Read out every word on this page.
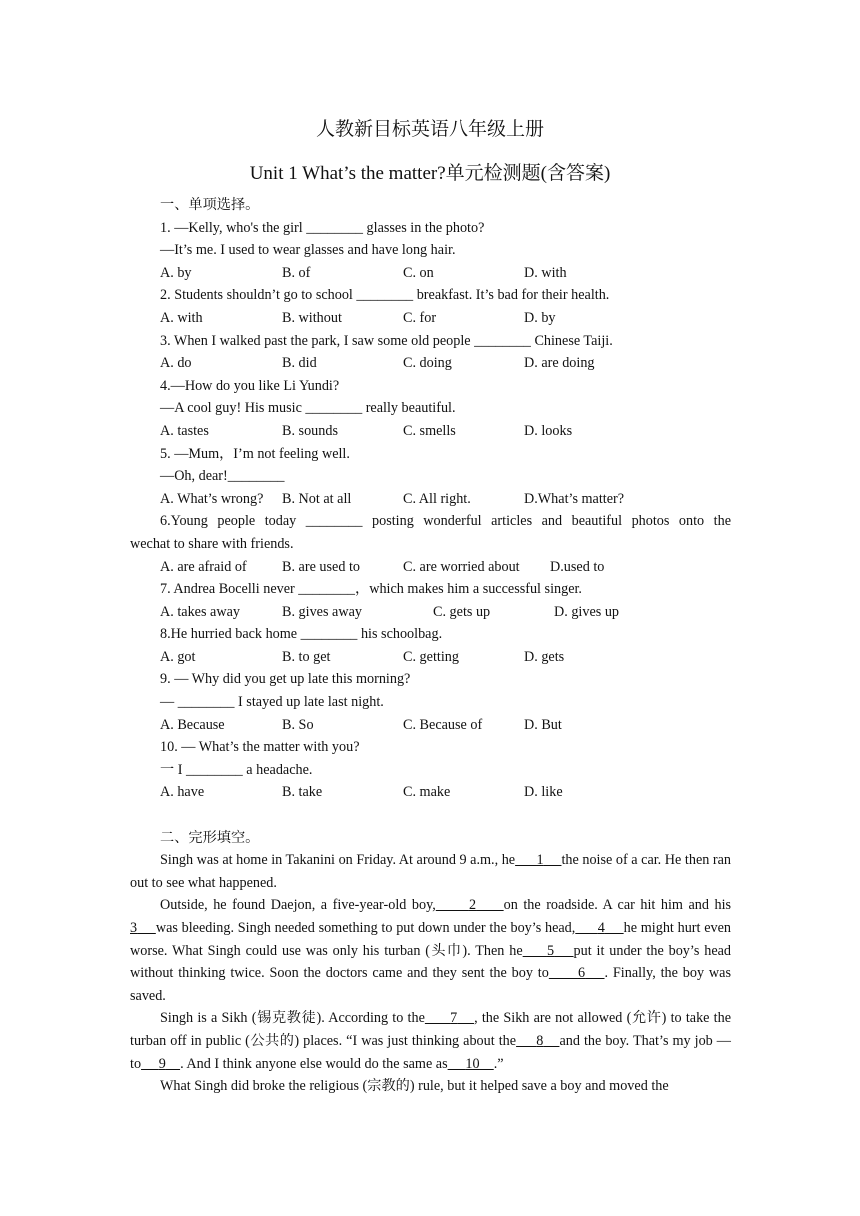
人教新目标英语八年级上册
Unit 1 What’s the matter?单元检测题(含答案)
一、单项选择。
1. —Kelly, who's the girl ________ glasses in the photo?
—It’s me. I used to wear glasses and have long hair.
A. by	B. of	C. on	D. with
2. Students shouldn’t go to school ________ breakfast. It’s bad for their health.
A. with	B. without	C. for	D. by
3. When I walked past the park, I saw some old people ________ Chinese Taiji.
A. do	B. did	C. doing	D. are doing
4.—How do you like Li Yundi?
—A cool guy! His music ________ really beautiful.
A. tastes	B. sounds	C. smells	D. looks
5. —Mum，I’m not feeling well.
—Oh, dear!________
A. What’s wrong? B. Not at all	C. All right.	D.What’s matter?
6.Young people today ________ posting wonderful articles and beautiful photos onto the
wechat to share with friends.
A. are afraid of B. are used to	C. are worried about D.used to
7. Andrea Bocelli never ________，which makes him a successful singer.
A. takes away	B. gives away	C. gets up	D. gives up
8.He hurried back home ________ his schoolbag.
A. got	B. to get	C. getting	D. gets
9. — Why did you get up late this morning?
— ________ I stayed up late last night.
A. Because	B. So	C. Because of	D. But
10. — What’s the matter with you?
一 I ________ a headache.
A. have	B. take	C. make	D. like
二、完形填空。

Singh was at home in Takanini on Friday. At around 9 a.m., he 1 the noise of a car. He then ran out to see what happened.

Outside, he found Daejon, a five-year-old boy, 2 on the roadside. A car hit him and his 3 was bleeding. Singh needed something to put down under the boy’s head, 4 he might hurt even worse. What Singh could use was only his turban (头巾). Then he 5 put it under the boy’s head without thinking twice. Soon the doctors came and they sent the boy to 6 . Finally, the boy was saved.

Singh is a Sikh (锡克教徒). According to the 7 , the Sikh are not allowed (允许) to take the turban off in public (公共的) places. “I was just thinking about the 8 and the boy. That’s my job — to 9 . And I think anyone else would do the same as 10 .”

What Singh did broke the religious (宗教的) rule, but it helped save a boy and moved the
